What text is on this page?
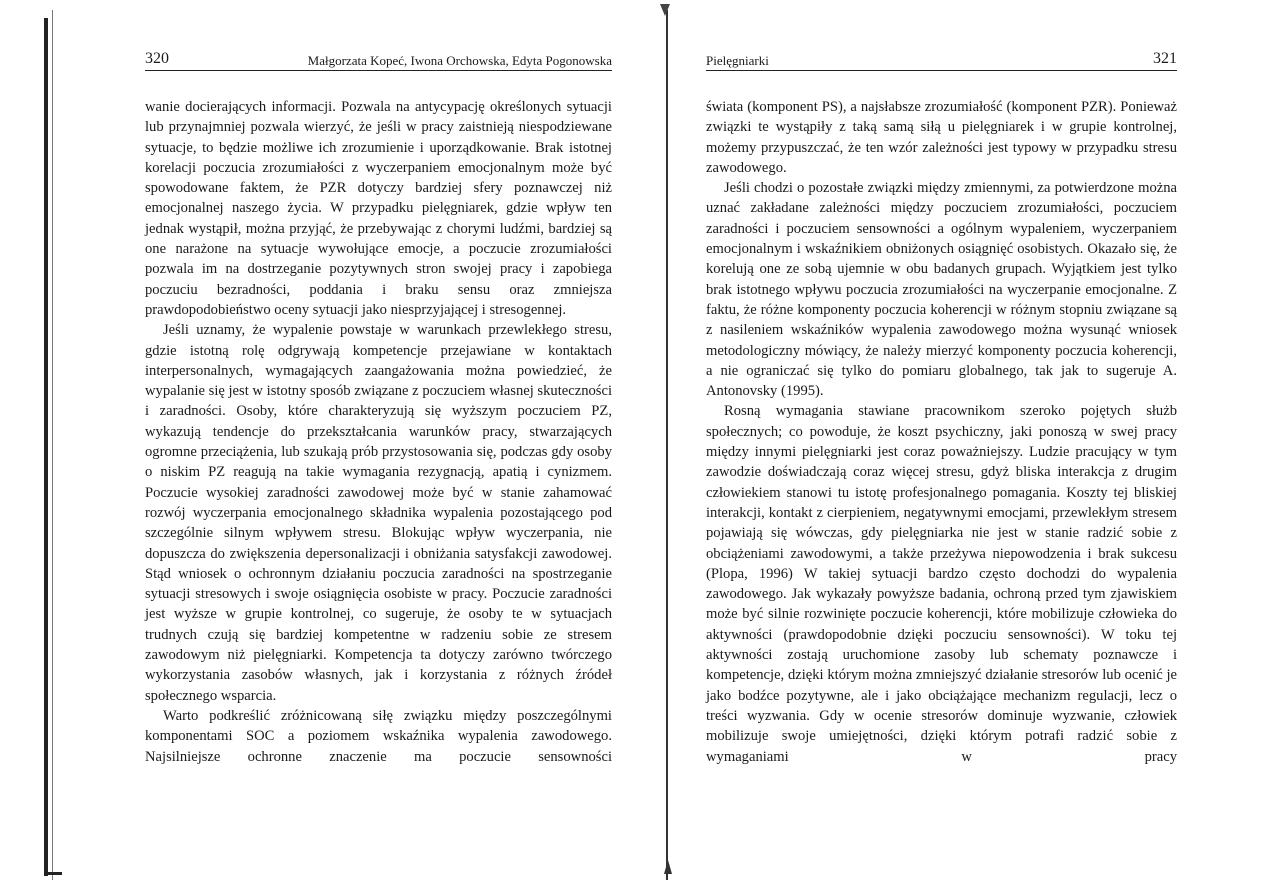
320	Małgorzata Kopeć, Iwona Orchowska, Edyta Pogonowska

wanie docierających informacji. Pozwala na antycypację określonych sytuacji lub przynajmniej pozwala wierzyć, że jeśli w pracy zaistnieją niespodziewane sytuacje, to będzie możliwe ich zrozumienie i uporządkowanie. Brak istotnej korelacji poczucia zrozumiałości z wyczerpaniem emocjonalnym może być spowodowane faktem, że PZR dotyczy bardziej sfery poznawczej niż emocjonalnej naszego życia. W przypadku pielęgniarek, gdzie wpływ ten jednak wystąpił, można przyjąć, że przebywając z chorymi ludźmi, bardziej są one narażone na sytuacje wywołujące emocje, a poczucie zrozumiałości pozwala im na dostrzeganie pozytywnych stron swojej pracy i zapobiega poczuciu bezradności, poddania i braku sensu oraz zmniejsza prawdopodobieństwo oceny sytuacji jako niesprzyjającej i stresogennej.

Jeśli uznamy, że wypalenie powstaje w warunkach przewlekłego stresu, gdzie istotną rolę odgrywają kompetencje przejawiane w kontaktach interpersonalnych, wymagających zaangażowania można powiedzieć, że wypalanie się jest w istotny sposób związane z poczuciem własnej skuteczności i zaradności. Osoby, które charakteryzują się wyższym poczuciem PZ, wykazują tendencje do przekształcania warunków pracy, stwarzających ogromne przeciążenia, lub szukają prób przystosowania się, podczas gdy osoby o niskim PZ reagują na takie wymagania rezygnacją, apatią i cynizmem. Poczucie wysokiej zaradności zawodowej może być w stanie zahamować rozwój wyczerpania emocjonalnego składnika wypalenia pozostającego pod szczególnie silnym wpływem stresu. Blokując wpływ wyczerpania, nie dopuszcza do zwiększenia depersonalizacji i obniżania satysfakcji zawodowej. Stąd wniosek o ochronnym działaniu poczucia zaradności na spostrzeganie sytuacji stresowych i swoje osiągnięcia osobiste w pracy. Poczucie zaradności jest wyższe w grupie kontrolnej, co sugeruje, że osoby te w sytuacjach trudnych czują się bardziej kompetentne w radzeniu sobie ze stresem zawodowym niż pielęgniarki. Kompetencja ta dotyczy zarówno twórczego wykorzystania zasobów własnych, jak i korzystania z różnych źródeł społecznego wsparcia.

Warto podkreślić zróżnicowaną siłę związku między poszczególnymi komponentami SOC a poziomem wskaźnika wypalenia zawodowego. Najsilniejsze ochronne znaczenie ma poczucie sensowności

Pielęgniarki	321

świata (komponent PS), a najsłabsze zrozumiałość (komponent PZR). Ponieważ związki te wystąpiły z taką samą siłą u pielęgniarek i w grupie kontrolnej, możemy przypuszczać, że ten wzór zależności jest typowy w przypadku stresu zawodowego.

Jeśli chodzi o pozostałe związki między zmiennymi, za potwierdzone można uznać zakładane zależności między poczuciem zrozumiałości, poczuciem zaradności i poczuciem sensowności a ogólnym wypaleniem, wyczerpaniem emocjonalnym i wskaźnikiem obniżonych osiągnięć osobistych. Okazało się, że korelują one ze sobą ujemnie w obu badanych grupach. Wyjątkiem jest tylko brak istotnego wpływu poczucia zrozumiałości na wyczerpanie emocjonalne. Z faktu, że różne komponenty poczucia koherencji w różnym stopniu związane są z nasileniem wskaźników wypalenia zawodowego można wysunąć wniosek metodologiczny mówiący, że należy mierzyć komponenty poczucia koherencji, a nie ograniczać się tylko do pomiaru globalnego, tak jak to sugeruje A. Antonovsky (1995).

Rosną wymagania stawiane pracownikom szeroko pojętych służb społecznych; co powoduje, że koszt psychiczny, jaki ponoszą w swej pracy między innymi pielęgniarki jest coraz poważniejszy. Ludzie pracujący w tym zawodzie doświadczają coraz więcej stresu, gdyż bliska interakcja z drugim człowiekiem stanowi tu istotę profesjonalnego pomagania. Koszty tej bliskiej interakcji, kontakt z cierpieniem, negatywnymi emocjami, przewlekłym stresem pojawiają się wówczas, gdy pielęgniarka nie jest w stanie radzić sobie z obciążeniami zawodowymi, a także przeżywa niepowodzenia i brak sukcesu (Plopa, 1996) W takiej sytuacji bardzo często dochodzi do wypalenia zawodowego. Jak wykazały powyższe badania, ochroną przed tym zjawiskiem może być silnie rozwinięte poczucie koherencji, które mobilizuje człowieka do aktywności (prawdopodobnie dzięki poczuciu sensowności). W toku tej aktywności zostają uruchomione zasoby lub schematy poznawcze i kompetencje, dzięki którym można zmniejszyć działanie stresorów lub ocenić je jako bodźce pozytywne, ale i jako obciążające mechanizm regulacji, lecz o treści wyzwania. Gdy w ocenie stresorów dominuje wyzwanie, człowiek mobilizuje swoje umiejętności, dzięki którym potrafi radzić sobie z wymaganiami w pracy
